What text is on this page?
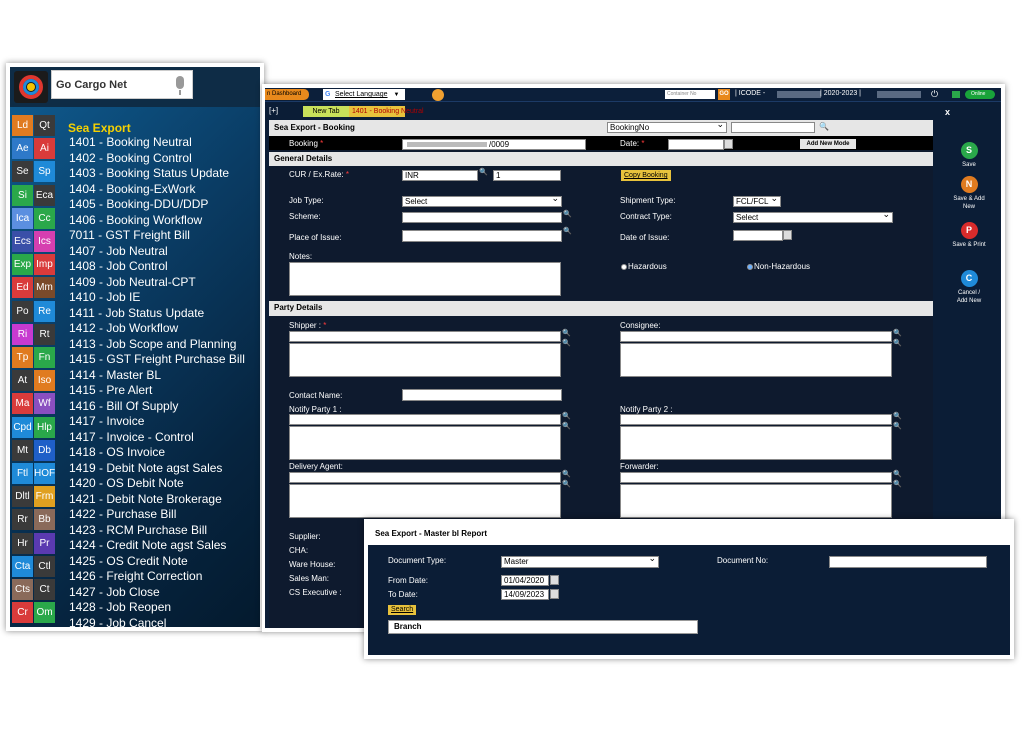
Go Cargo Net
Ld	Qt
Ae	Ai
Se Sp
Si Eca
Ica Cc
Ecs Ics
Exp Imp
Ed Mm
Po Re
Ri	Rt
Tp	Fn
At	Iso
Ma Wf
Cpd Hlp
Mt	Db
Ftl HOF
Dltl Frm
Rr	Bb
Hr	Pr
Cta Ctl
Cts Ct
Cr Om
Sea Export
1401 - Booking Neutral
1402 - Booking Control
1403 - Booking Status Update
1404 - Booking-ExWork
1405 - Booking-DDU/DDP
1406 - Booking Workflow
7011 - GST Freight Bill
1407 - Job Neutral
1408 - Job Control
1409 - Job Neutral-CPT
1410 - Job IE
1411 - Job Status Update
1412 - Job Workflow
1413 - Job Scope and Planning
1415 - GST Freight Purchase Bill
1414 - Master BL
1415 - Pre Alert
1416 - Bill Of Supply
1417 - Invoice
1417 - Invoice - Control
1418 - OS Invoice
1419 - Debit Note agst Sales
1420 - OS Debit Note
1421 - Debit Note Brokerage
1422 - Purchase Bill
1423 - RCM Purchase Bill
1424 - Credit Note agst Sales
1425 - OS Credit Note
1426 - Freight Correction
1427 - Job Close
1428 - Job Reopen
1429 - Job Cancel
n Dashboard	G Select Language ▼	Container No	GO | ICODE -	| 2020-2023 |	⏻	Online
[+]	New Tab	1401 - Booking Neutral	x
Sea Export - Booking	BookingNo ⌄	🔍
Booking *	/0009	Date: *	Add New Mode
General Details
CUR / Ex.Rate: *	INR	🔍	1	Copy Booking
Job Type:	Select ⌄	Shipment Type:	FCL/FCL ⌄
Scheme:	🔍	Contract Type:	Select ⌄
Place of Issue:
🔍
Date of Issue:
Notes:
Hazardous	Non-Hazardous
Party Details
Shipper : *
🔍
🔍
Consignee:
🔍
🔍
Contact Name:
Notify Party 1 :
🔍
🔍
Notify Party 2 :
🔍
🔍
Delivery Agent:
🔍
🔍
Forwarder:
🔍
🔍
Supplier:
CHA:
Ware House:
Sales Man:
CS Executive :
S
Save
N
Save & Add New
P
Save & Print
C
Cancel / Add New
Sea Export - Master bl Report
Document Type:	Master ⌄	Document No:
From Date:	01/04/2020
To Date:	14/09/2023
Search
Branch
